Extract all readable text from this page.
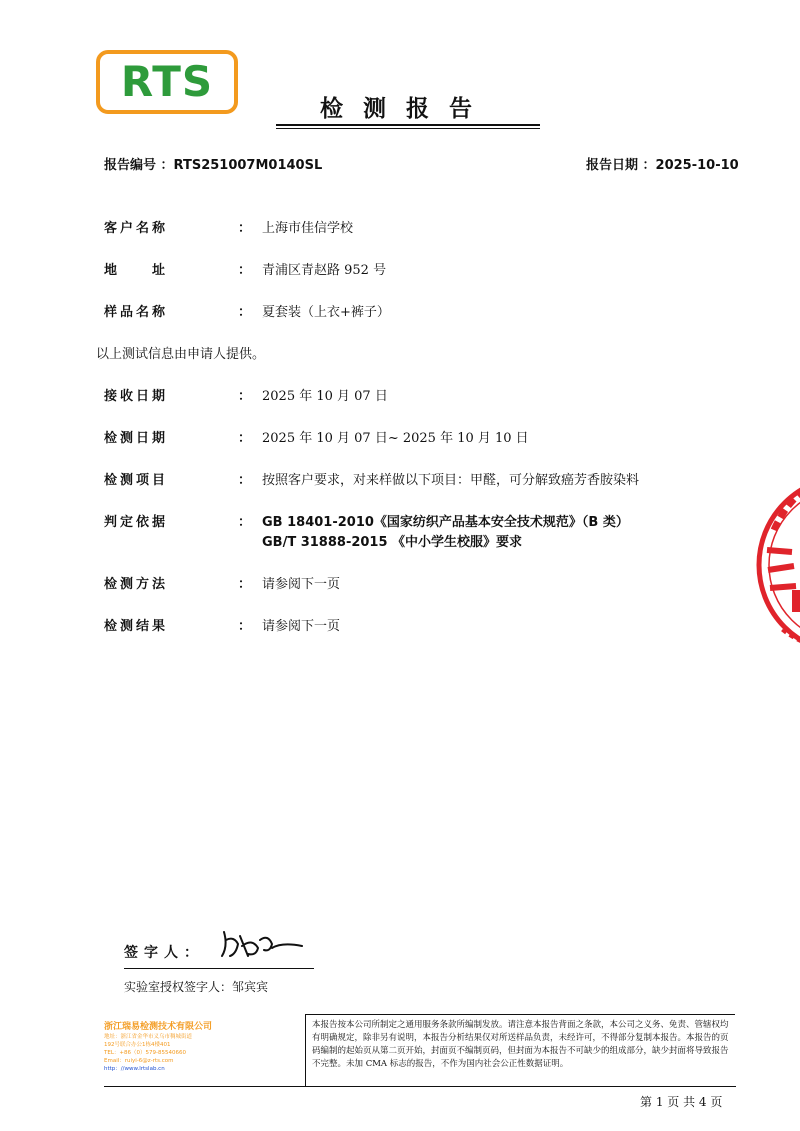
RTS
检测报告
报告编号 ：RTS251007M0140SL	报告日期 ：2025-10-10
客户名称	： 上海市佳信学校
地　　址	： 青浦区青赵路 952 号
样品名称	： 夏套装（上衣+裤子）
以上测试信息由申请人提供。
接收日期	： 2025 年 10 月 07 日
检测日期	： 2025 年 10 月 07 日~ 2025 年 10 月 10 日
检测项目	： 按照客户要求，对来样做以下项目：甲醛，可分解致癌芳香胺染料
判定依据	： GB 18401-2010《国家纺织产品基本安全技术规范》（B 类）
GB/T 31888-2015 《中小学生校服》要求
检测方法	： 请参阅下一页
检测结果	： 请参阅下一页
签字人：
实验室授权签字人：邹宾宾
浙江瑞易检测技术有限公司
地址：浙江省金华市义乌市稠城街道
192号联合办公1栋4楼401
TEL：+86（0）579-85540660
Email：ruiyi-6@z-rts.com
http：//www.lrtslab.cn
本报告按本公司所制定之通用服务条款所编制发放。请注意本报告背面之条款，本公司之义务、免责、管辖权均有明确规定，除非另有说明，本报告分析结果仅对所送样品负责，未经许可，不得部分复制本报告。本报告的页码编制的起始页从第二页开始，封面页不编制页码，但封面为本报告不可缺少的组成部分，缺少封面将导致报告不完整。未加 CMA 标志的报告，不作为国内社会公正性数据证明。
第 1 页 共 4 页
